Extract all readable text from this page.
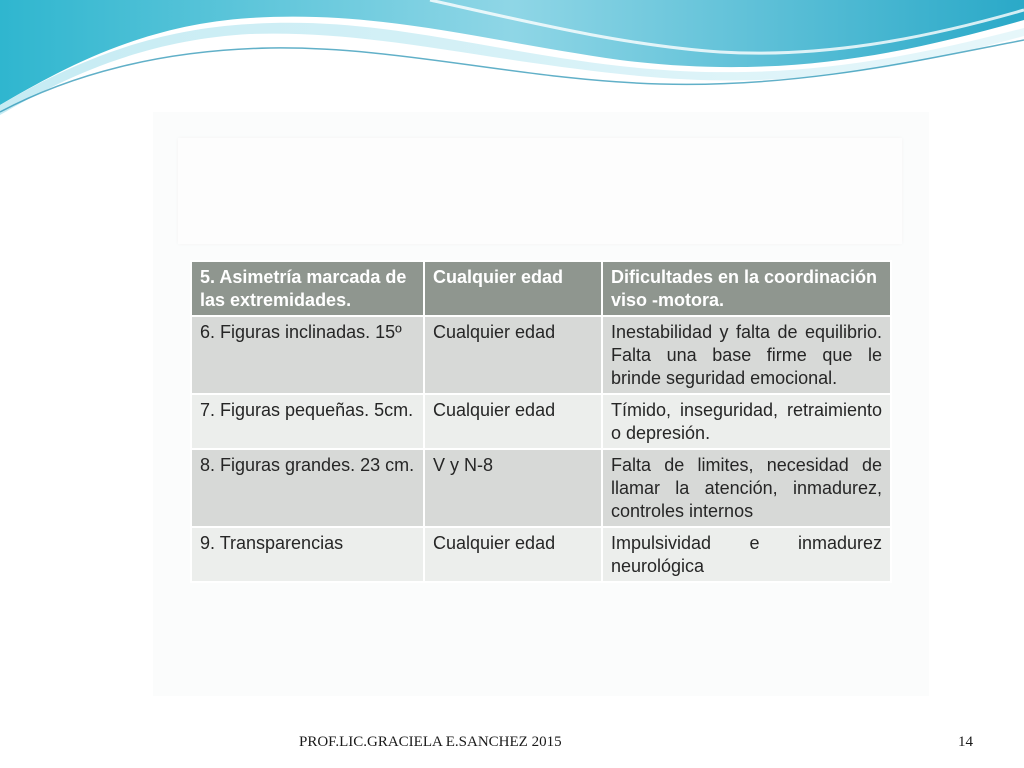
5. Asimetría marcada de las extremidades.	Cualquier edad	Dificultades en la coordinación viso -motora.
6. Figuras inclinadas. 15º	Cualquier edad	Inestabilidad y falta de equilibrio. Falta una base firme que le brinde seguridad emocional.
7. Figuras pequeñas. 5cm.	Cualquier edad	Tímido, inseguridad, retraimiento o depresión.
8. Figuras grandes. 23 cm.	V y N-8	Falta de limites, necesidad de llamar la atención, inmadurez, controles internos
9. Transparencias	Cualquier edad	Impulsividad e inmadurez neurológica
PROF.LIC.GRACIELA E.SANCHEZ 2015	14
